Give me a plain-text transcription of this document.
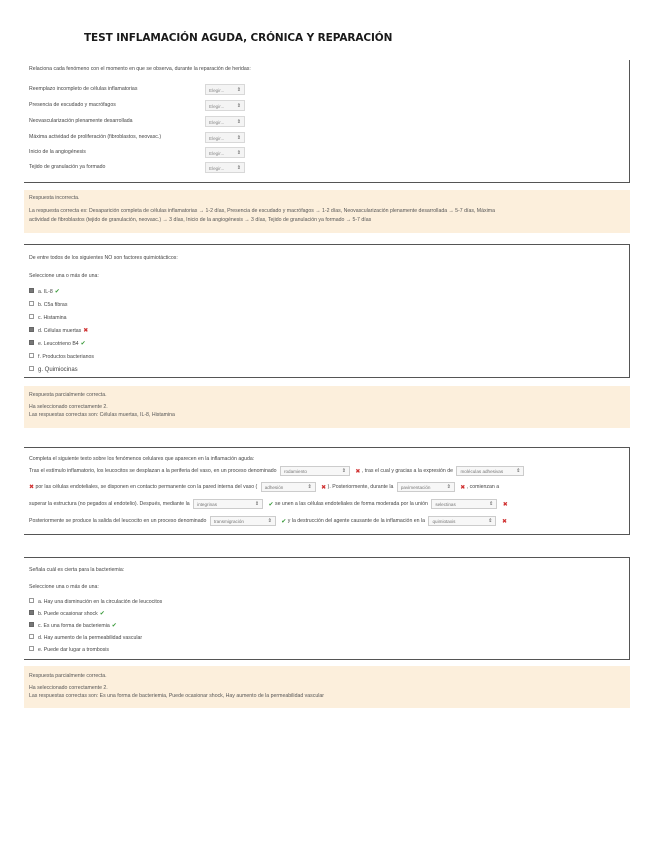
TEST INFLAMACIÓN AGUDA, CRÓNICA Y REPARACIÓN
Relaciona cada fenómeno con el momento en que se observa, durante la reparación de heridas:
Reemplazo incompleto de células inflamatorias	Elegir... ⇕
Presencia de escudado y macrófagos	Elegir... ⇕
Neovascularización plenamente desarrollada	Elegir... ⇕
Máxima actividad de proliferación (fibroblastos, neovasc.)	Elegir... ⇕
Inicio de la angiogénesis	Elegir... ⇕
Tejido de granulación ya formado	Elegir... ⇕
Respuesta incorrecta.
La respuesta correcta es: Desaparición completa de células inflamatorias → 1-2 días, Presencia de escudado y macrófagos → 1-2 días, Neovascularización plenamente desarrollada → 5-7 días, Máxima
actividad de fibroblastos (tejido de granulación, neovasc.) → 3 días, Inicio de la angiogénesis → 3 días, Tejido de granulación ya formado → 5-7 días
De entre todos de los siguientes NO son factores quimiotácticos:
Seleccione una o más de una:
a. IL-8 ✔
b. C5a fibras
c. Histamina
d. Células muertas ✖
e. Leucotrieno B4 ✔
f. Productos bacterianos
g. Quimiocinas
Respuesta parcialmente correcta.
Ha seleccionado correctamente 2.
Las respuestas correctas son: Células muertas, IL-8, Histamina
Completa el siguiente texto sobre los fenómenos celulares que aparecen en la inflamación aguda:
Tras el estímulo inflamatorio, los leucocitos se desplazan a la periferia del vaso, en un proceso denominado rodamiento	⇕ ✖ , tras el cual y gracias a la expresión de moléculas adhesivas	⇕
✖ por las células endoteliales, se disponen en contacto permanente con la pared interna del vaso ( adhesión	⇕ ✖ ). Posteriormente, durante la pavimentación	⇕ ✖ , comienzan a
superar la estructura (no pegados al endotelio). Después, mediante la integrinas	⇕ ✔ se unen a las células endoteliales de forma moderada por la unión selectinas	⇕ ✖
Posteriormente se produce la salida del leucocito en un proceso denominado transmigración	⇕ ✔ y la destrucción del agente causante de la inflamación en la quimiotaxis	⇕ ✖
Señala cuál es cierta para la bacteriemia:
Seleccione una o más de una:
a. Hay una disminución en la circulación de leucocitos
b. Puede ocasionar shock ✔
c. Es una forma de bacteriemia ✔
d. Hay aumento de la permeabilidad vascular
e. Puede dar lugar a trombosis
Respuesta parcialmente correcta.
Ha seleccionado correctamente 2.
Las respuestas correctas son: Es una forma de bacteriemia, Puede ocasionar shock, Hay aumento de la permeabilidad vascular
